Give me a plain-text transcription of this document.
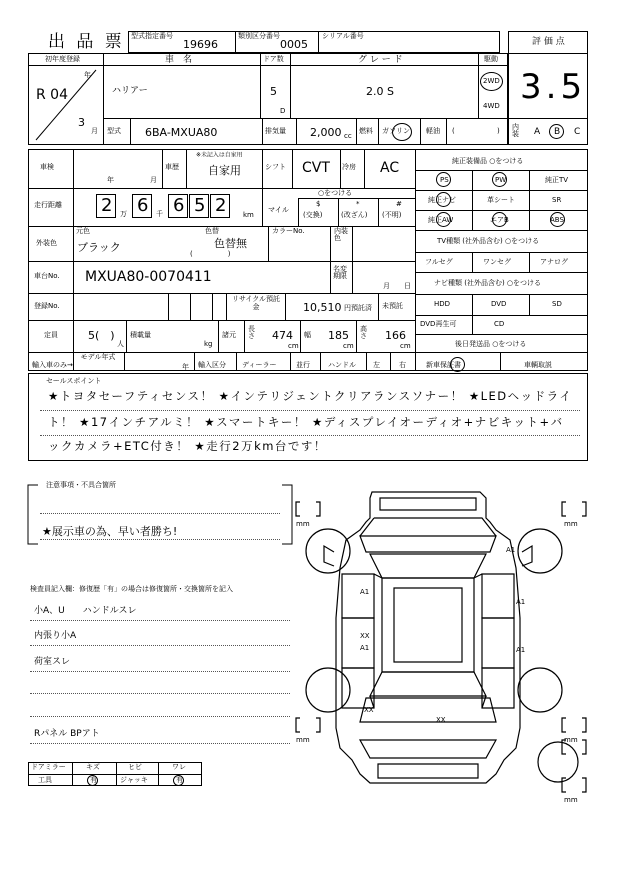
出 品 票 型式指定番号
19696
類別区分番号
0005
シリアル番号
評 価 点
3.5
内装	A B C
初年度登録
R 04
年
3
月
車　名
ハリアー
ドア数
5
D
グ レ ー ド
2.0 S
駆動
2WD
4WD
型式 6BA-MXUA80	排気量 2,000 cc
燃料 ガソリン 軽油 (	)
車検
年	月
車歴
※未記入は自家用
自家用	シフト CVT 冷房 AC
走行距離 2 万 6 千 6 5 2 km
マイル
○をつける
$
(交換)
*
(改ざん)
#
(不明)
外装色
元色
ブラック
色替
色替無
(　　　　　)
カラーNo.	内装色
車台No. MXUA80-0070411	名変期限
月 日
登録No.
リサイクル預託金	10,510 円 預託済 未預託
定員	5(　)
人
積載量
kg
諸元
長さ 474
cm
幅 185
cm
高さ 166
cm
輸入車のみ→
モデル年式
年 輸入区分 ディーラー	並行	ハンドル 左	右
純正装備品 ○をつける
PS	PW	純正TV
純正ナビ	革シート	SR
純正AW	エアB	ABS
TV種類 (社外品含む) ○をつける
フルセグ	ワンセグ	アナログ
ナビ種類 (社外品含む) ○をつける
HDD	DVD	SD
DVD再生可	CD
後日発送品 ○をつける
新車保証書	車輌取説
セールスポイント
★トヨタセーフティセンス！ ★インテリジェントクリアランスソナー！ ★LEDヘッドライ
ト！ ★17インチアルミ！ ★スマートキー！ ★ディスプレイオーディオ+ナビキット+バ
ックカメラ+ETC付き！ ★走行2万km台です！
注意事項・不具合箇所
★展示車の為、早い者勝ち!
検査員記入欄：修復歴「有」の場合は修復箇所・交換箇所を記入
小A、U　　ハンドルスレ
内張り小A
荷室スレ
Rパネル BPアト
ドアミラー	キズ	ヒビ	ワレ
工具	有	ジャッキ	有
mm	mm
mm	mm
mm
A1
A1
A1
XX
A1	A1
XX
XX
